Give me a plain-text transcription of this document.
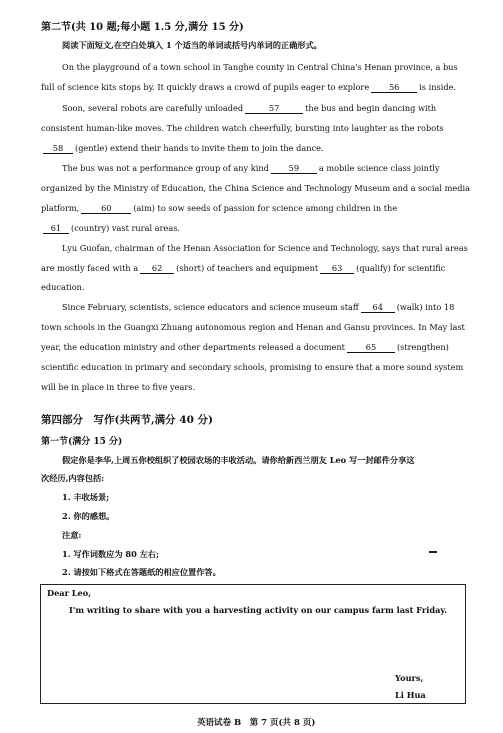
第二节(共 10 题;每小题 1.5 分,满分 15 分)
阅读下面短文,在空白处填入 1 个适当的单词或括号内单词的正确形式。
On the playground of a town school in Tanghe county in Central China's Henan province, a bus
full of science kits stops by. It quickly draws a crowd of pupils eager to explore 56 is inside.
Soon, several robots are carefully unloaded	57	the bus and begin dancing with
consistent human-like moves. The children watch cheerfully, bursting into laughter as the robots
58 (gentle) extend their hands to invite them to join the dance.
The bus was not a performance group of any kind 59 a mobile science class jointly
organized by the Ministry of Education, the China Science and Technology Museum and a social media
platform,	60	(aim) to sow seeds of passion for science among children in the
61 (country) vast rural areas.
Lyu Guofan, chairman of the Henan Association for Science and Technology, says that rural areas
are mostly faced with a 62 (short) of teachers and equipment 63 (qualify) for scientific
education.
Since February, scientists, science educators and science museum staff 64 (walk) into 18
town schools in the Guangxi Zhuang autonomous region and Henan and Gansu provinces. In May last
year, the education ministry and other departments released a document	65	(strengthen)
scientific education in primary and secondary schools, promising to ensure that a more sound system
will be in place in three to five years.
第四部分　写作(共两节,满分 40 分)
第一节(满分 15 分)
假定你是李华,上周五你校组织了校园农场的丰收活动。请你给新西兰朋友 Leo 写一封邮件分享这
次经历,内容包括:
1. 丰收场景;
2. 你的感想。
注意:
1. 写作词数应为 80 左右;
2. 请按如下格式在答题纸的相应位置作答。
Dear Leo,
I'm writing to share with you a harvesting activity on our campus farm last Friday.
Yours,
Li Hua
英语试卷 B　第 7 页(共 8 页)
